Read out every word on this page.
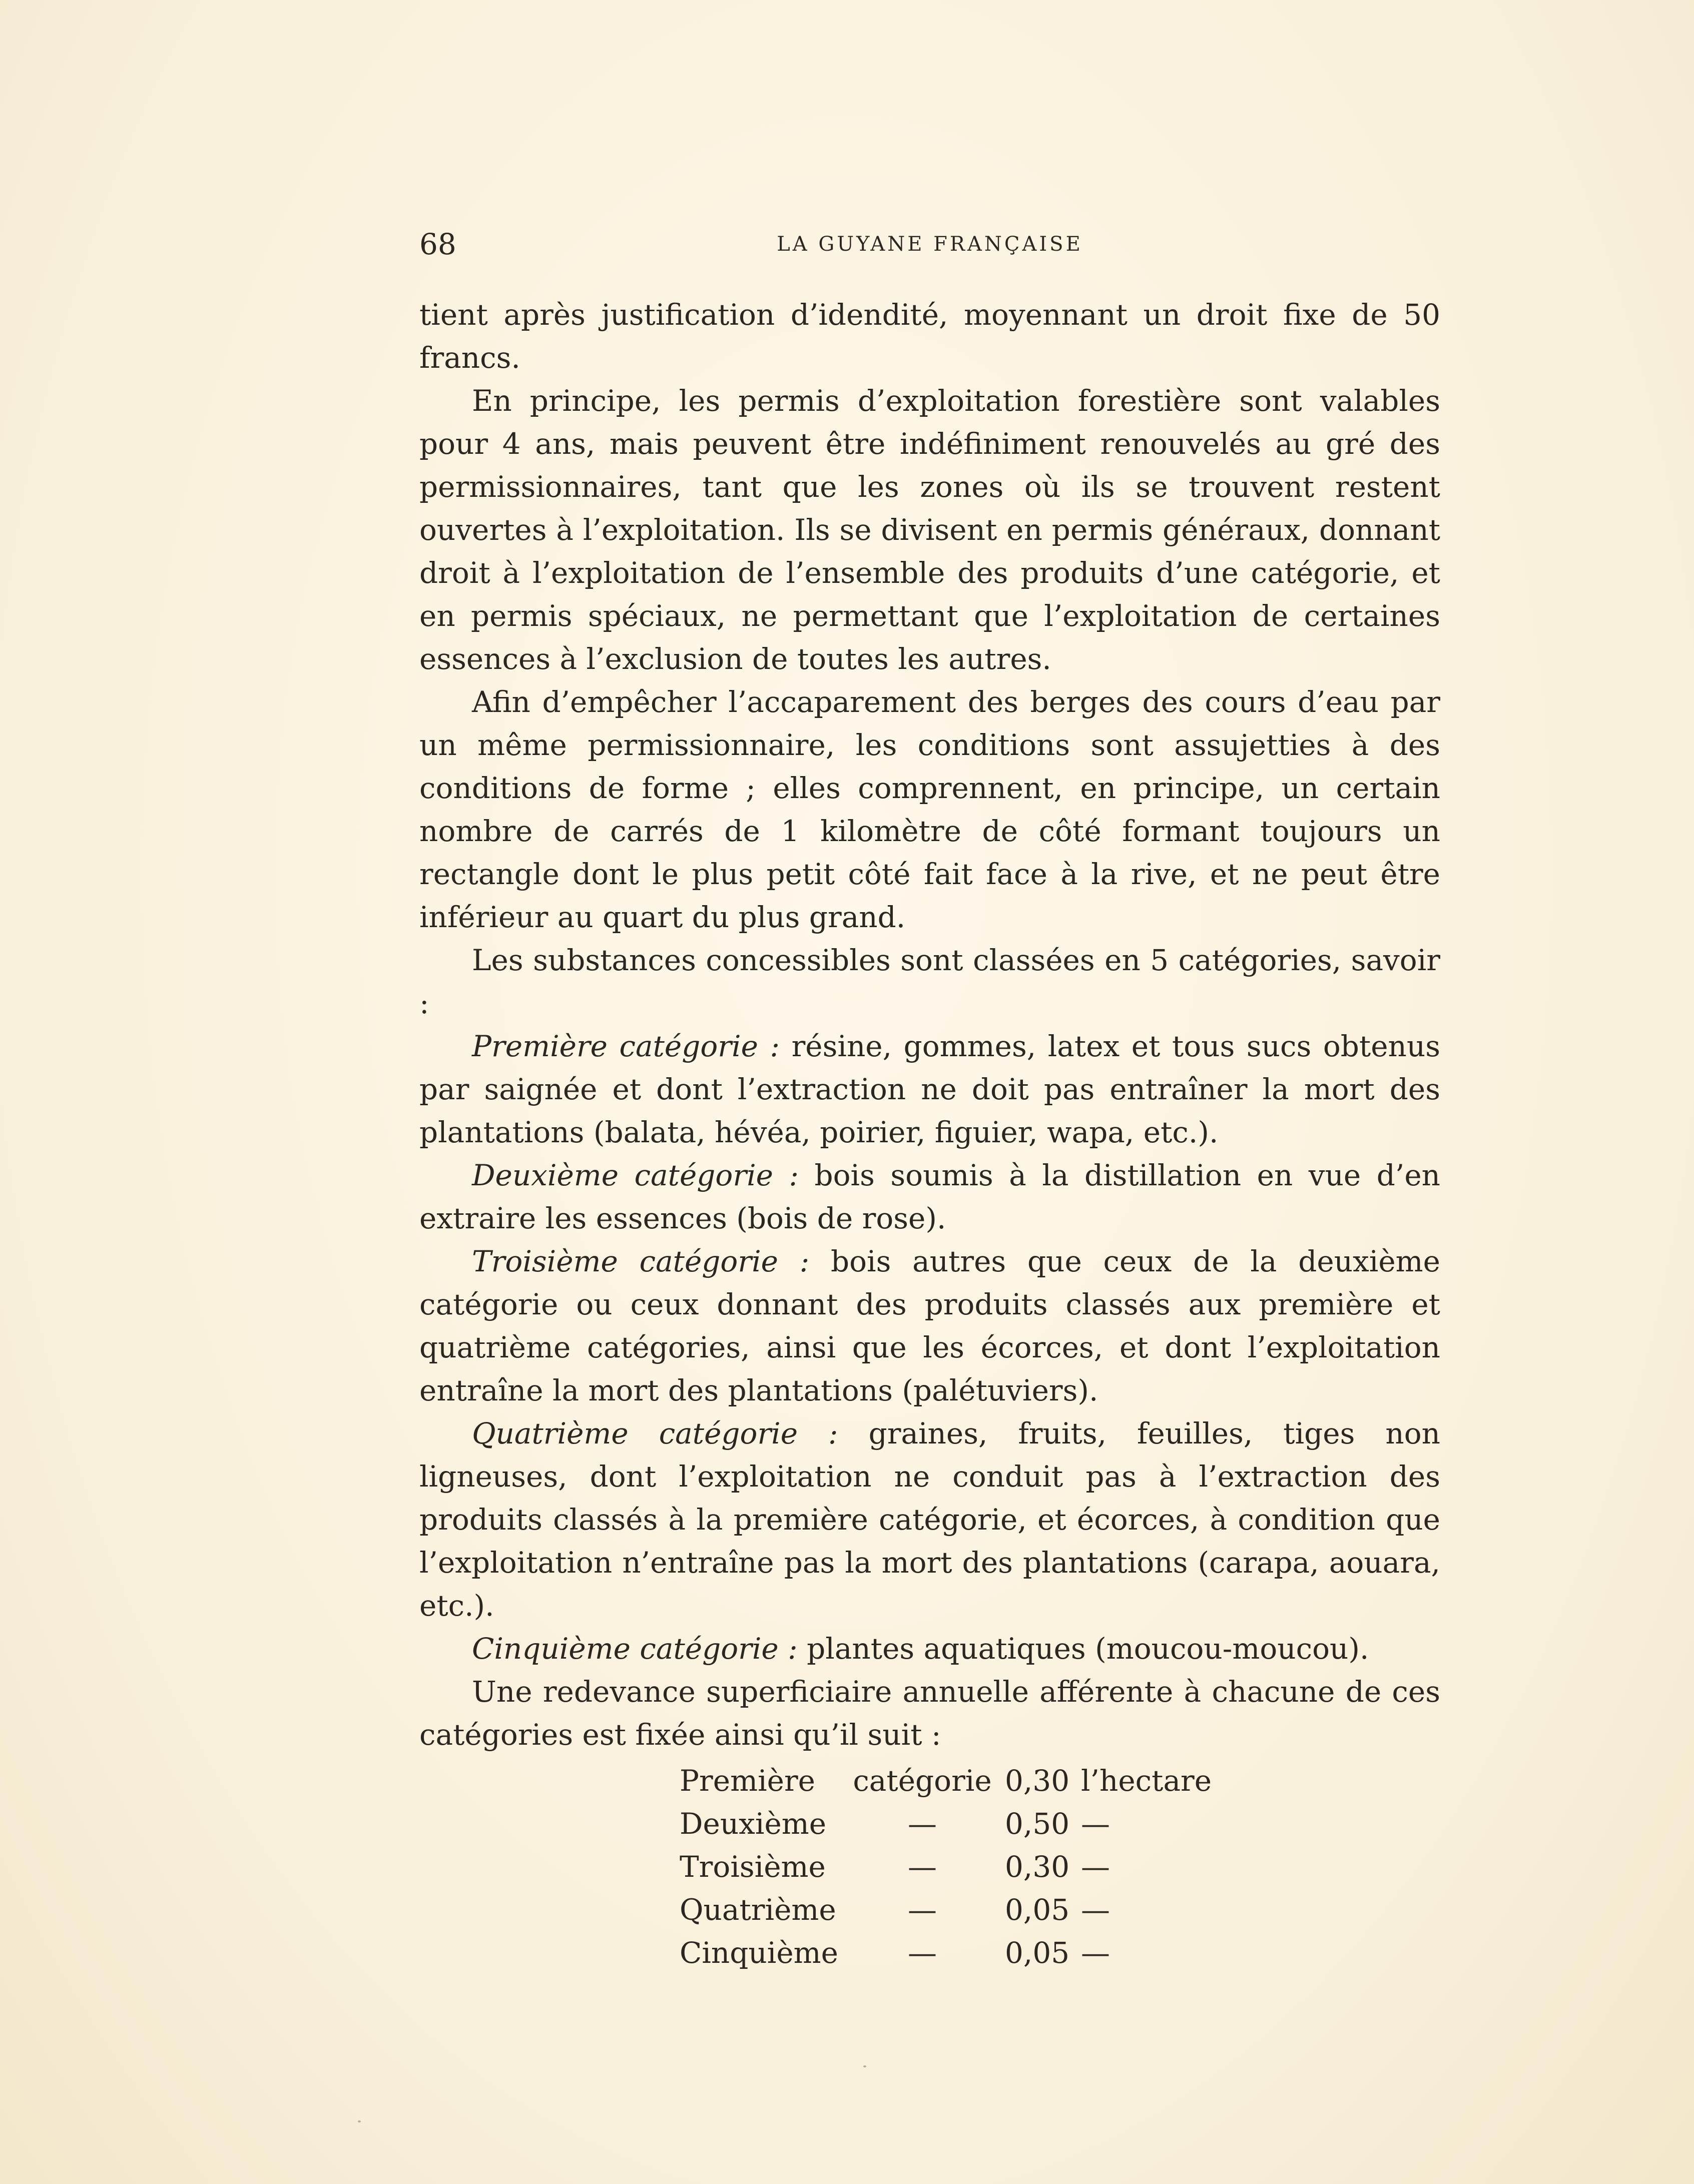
68	LA GUYANE FRANÇAISE

tient après justification d’idendité, moyennant un droit fixe de 50 francs.

En principe, les permis d’exploitation forestière sont valables pour 4 ans, mais peuvent être indéfiniment renouvelés au gré des permissionnaires, tant que les zones où ils se trouvent restent ouvertes à l’exploitation. Ils se divisent en permis généraux, donnant droit à l’exploitation de l’ensemble des produits d’une catégorie, et en permis spéciaux, ne permettant que l’exploitation de certaines essences à l’exclusion de toutes les autres.

Afin d’empêcher l’accaparement des berges des cours d’eau par un même permissionnaire, les conditions sont assujetties à des conditions de forme ; elles comprennent, en principe, un certain nombre de carrés de 1 kilomètre de côté formant toujours un rectangle dont le plus petit côté fait face à la rive, et ne peut être inférieur au quart du plus grand.

Les substances concessibles sont classées en 5 catégories, savoir :

Première catégorie : résine, gommes, latex et tous sucs obtenus par saignée et dont l’extraction ne doit pas entraîner la mort des plantations (balata, hévéa, poirier, figuier, wapa, etc.).

Deuxième catégorie : bois soumis à la distillation en vue d’en extraire les essences (bois de rose).

Troisième catégorie : bois autres que ceux de la deuxième catégorie ou ceux donnant des produits classés aux première et quatrième catégories, ainsi que les écorces, et dont l’exploitation entraîne la mort des plantations (palétuviers).

Quatrième catégorie : graines, fruits, feuilles, tiges non ligneuses, dont l’exploitation ne conduit pas à l’extraction des produits classés à la première catégorie, et écorces, à condition que l’exploitation n’entraîne pas la mort des plantations (carapa, aouara, etc.).

Cinquième catégorie : plantes aquatiques (moucou-moucou).

Une redevance superficiaire annuelle afférente à chacune de ces catégories est fixée ainsi qu’il suit :

Première	catégorie	0,30	l’hectare
Deuxième	—	0,50	—
Troisième	—	0,30	—
Quatrième	—	0,05	—
Cinquième	—	0,05	—
